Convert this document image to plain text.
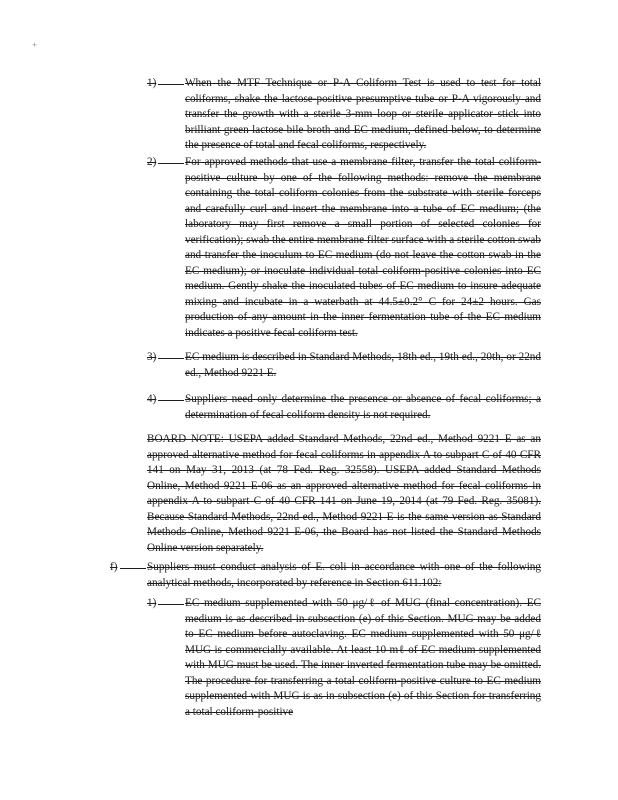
+
1)	When the MTF Technique or P-A Coliform Test is used to test for total coliforms, shake the lactose-positive presumptive tube or P-A vigorously and transfer the growth with a sterile 3-mm loop or sterile applicator stick into brilliant green lactose bile broth and EC medium, defined below, to determine the presence of total and fecal coliforms, respectively.
2)	For approved methods that use a membrane filter, transfer the total coliform-positive culture by one of the following methods: remove the membrane containing the total coliform colonies from the substrate with sterile forceps and carefully curl and insert the membrane into a tube of EC medium; (the laboratory may first remove a small portion of selected colonies for verification); swab the entire membrane filter surface with a sterile cotton swab and transfer the inoculum to EC medium (do not leave the cotton swab in the EC medium); or inoculate individual total coliform-positive colonies into EC medium. Gently shake the inoculated tubes of EC medium to insure adequate mixing and incubate in a waterbath at 44.5±0.2° C for 24±2 hours. Gas production of any amount in the inner fermentation tube of the EC medium indicates a positive fecal coliform test.
3)	EC medium is described in Standard Methods, 18th ed., 19th ed., 20th, or 22nd ed., Method 9221 E.
4)	Suppliers need only determine the presence or absence of fecal coliforms; a determination of fecal coliform density is not required.
BOARD NOTE: USEPA added Standard Methods, 22nd ed., Method 9221 E as an approved alternative method for fecal coliforms in appendix A to subpart C of 40 CFR 141 on May 31, 2013 (at 78 Fed. Reg. 32558). USEPA added Standard Methods Online, Method 9221 E-06 as an approved alternative method for fecal coliforms in appendix A to subpart C of 40 CFR 141 on June 19, 2014 (at 79 Fed. Reg. 35081). Because Standard Methods, 22nd ed., Method 9221 E is the same version as Standard Methods Online, Method 9221 E-06, the Board has not listed the Standard Methods Online version separately.
f)	Suppliers must conduct analysis of E. coli in accordance with one of the following analytical methods, incorporated by reference in Section 611.102:
1)	EC medium supplemented with 50 μg/ℓ of MUG (final concentration). EC medium is as described in subsection (e) of this Section. MUG may be added to EC medium before autoclaving. EC medium supplemented with 50 μg/ℓ MUG is commercially available. At least 10 mℓ of EC medium supplemented with MUG must be used. The inner inverted fermentation tube may be omitted. The procedure for transferring a total coliform-positive culture to EC medium supplemented with MUG is as in subsection (e) of this Section for transferring a total coliform-positive
